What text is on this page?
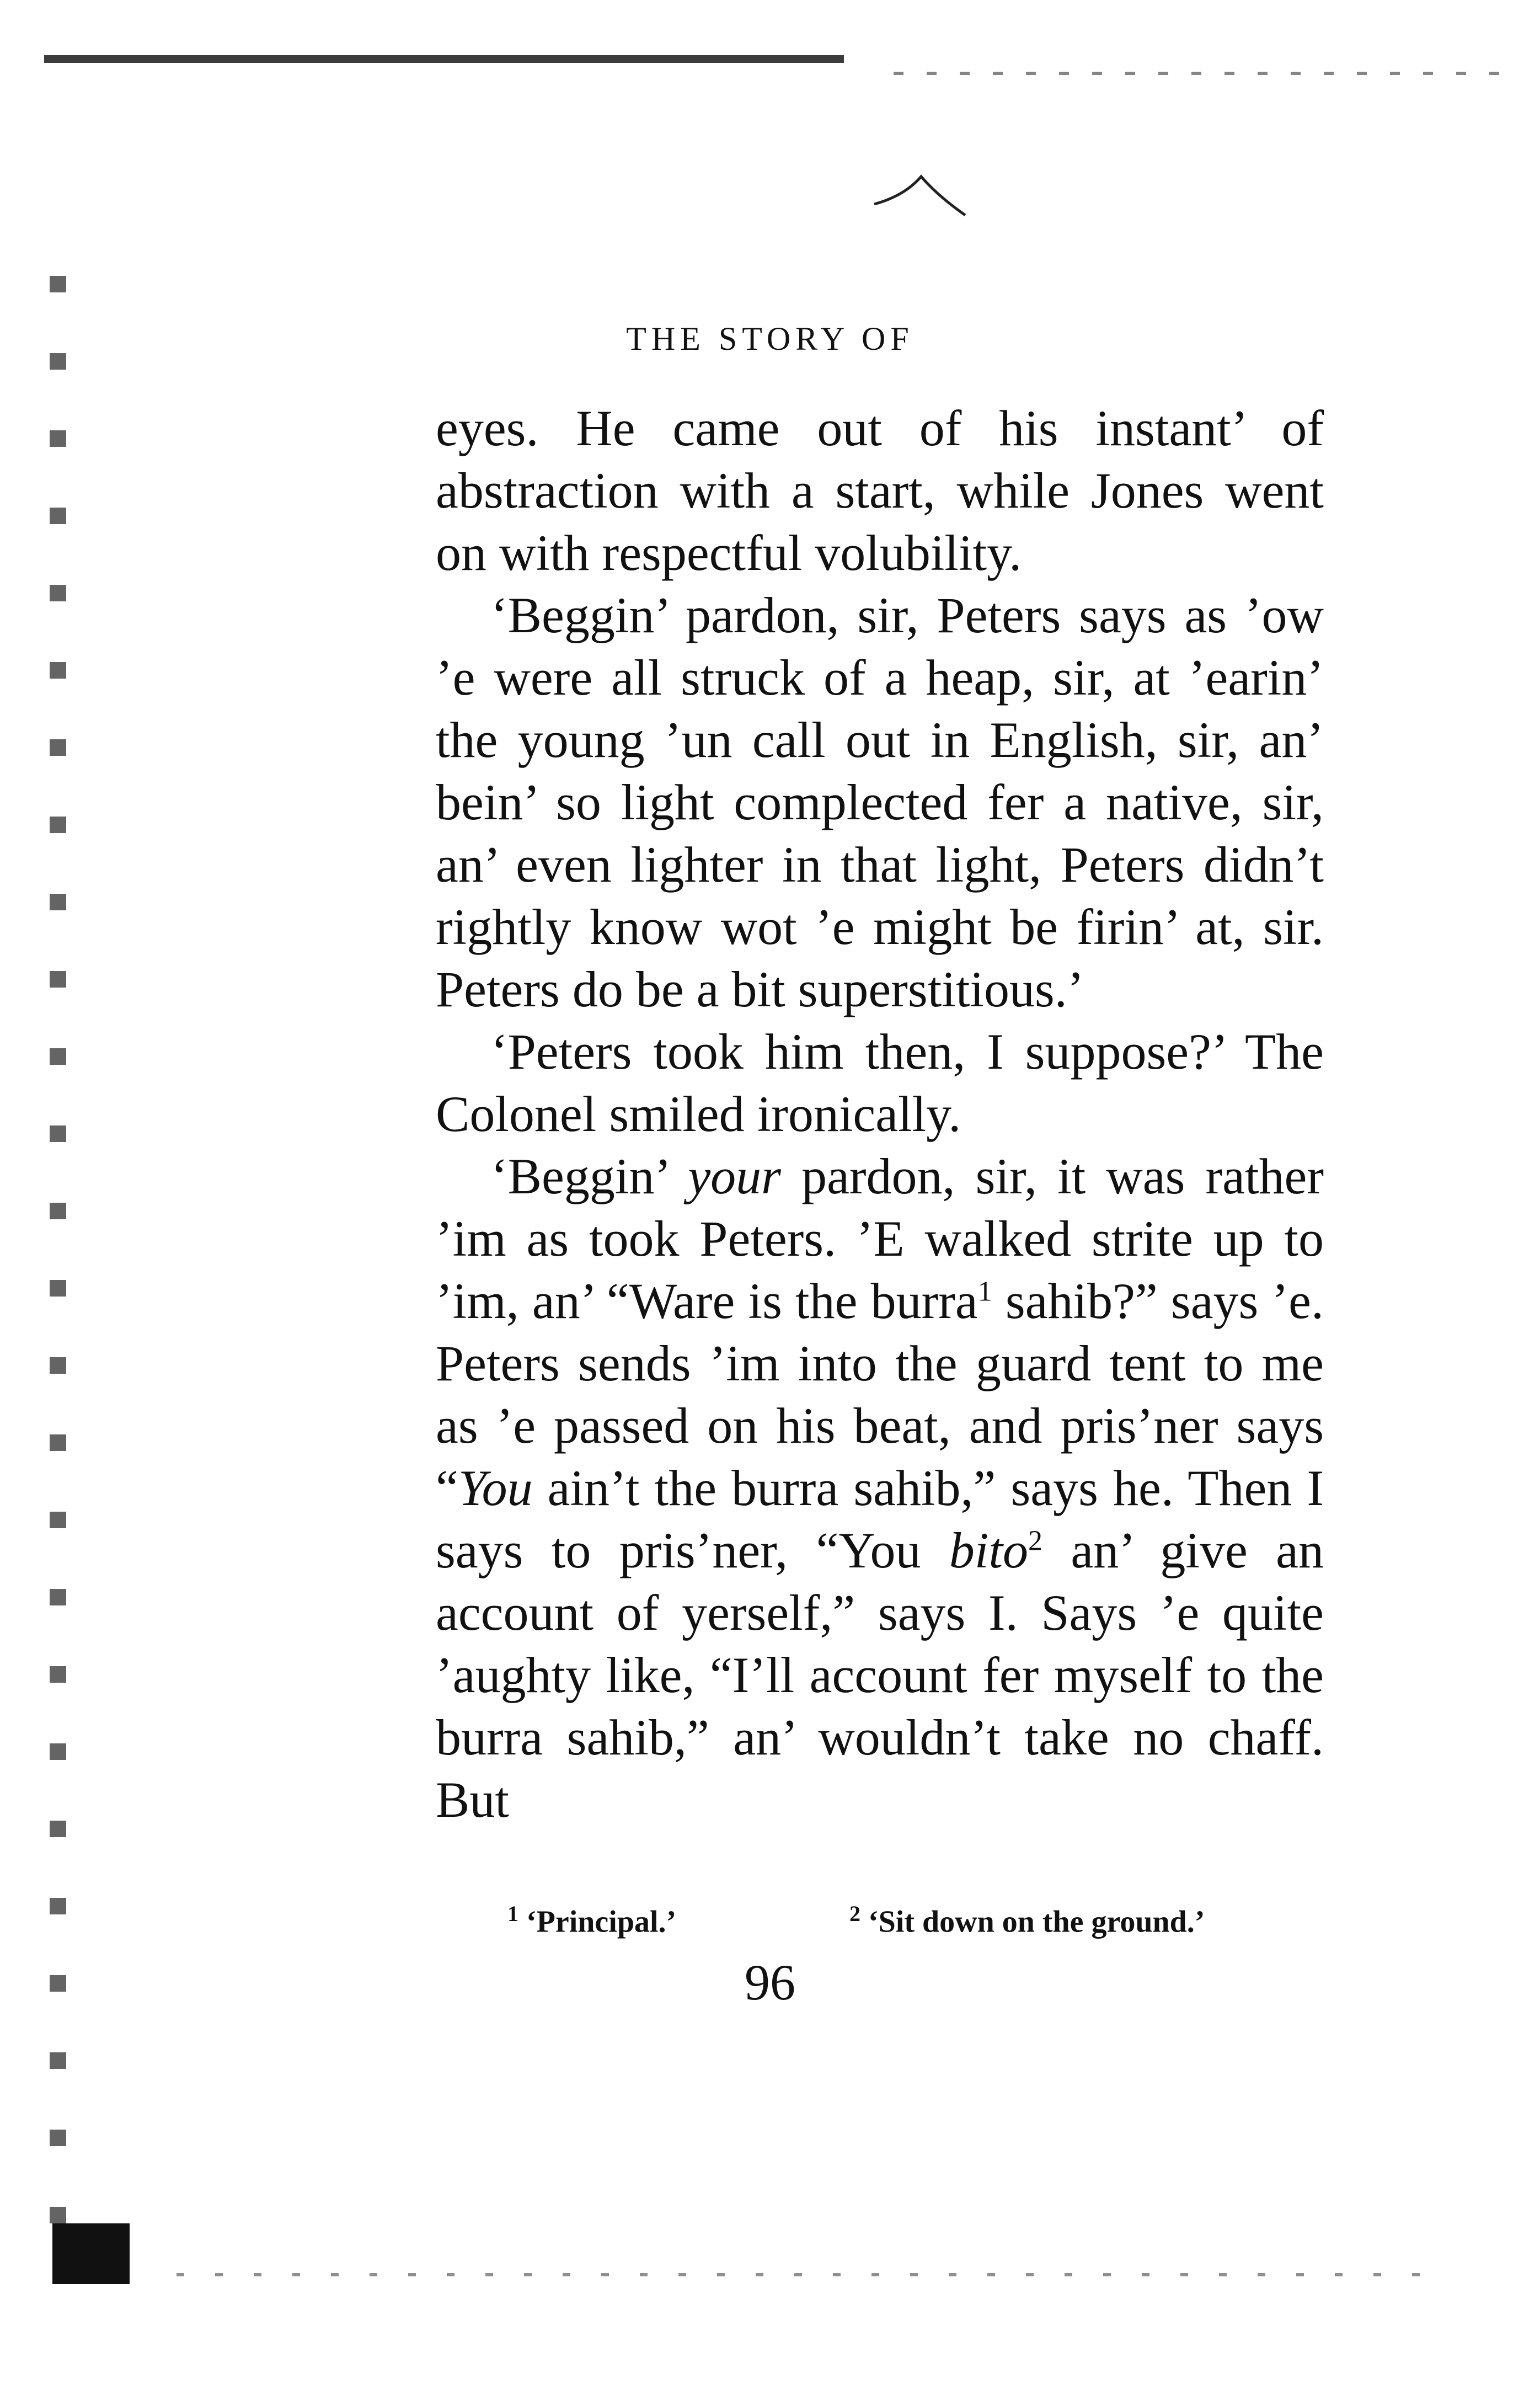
THE STORY OF

eyes. He came out of his instant’ of abstraction with a start, while Jones went on with respectful volubility.

‘Beggin’ pardon, sir, Peters says as ’ow ’e were all struck of a heap, sir, at ’earin’ the young ’un call out in English, sir, an’ bein’ so light complected fer a native, sir, an’ even lighter in that light, Peters didn’t rightly know wot ’e might be firin’ at, sir. Peters do be a bit superstitious.’

‘Peters took him then, I suppose?’ The Colonel smiled ironically.

‘Beggin’ your pardon, sir, it was rather ’im as took Peters. ’E walked strite up to ’im, an’ “Ware is the burra$^1$ sahib?” says ’e. Peters sends ’im into the guard tent to me as ’e passed on his beat, and pris’ner says “You ain’t the burra sahib,” says he. Then I says to pris’ner, “You bito$^2$ an’ give an account of yerself,” says I. Says ’e quite ’aughty like, “I’ll account fer myself to the burra sahib,” an’ wouldn’t take no chaff. But

$^1$ ‘Principal.’	$^2$ ‘Sit down on the ground.’
96
